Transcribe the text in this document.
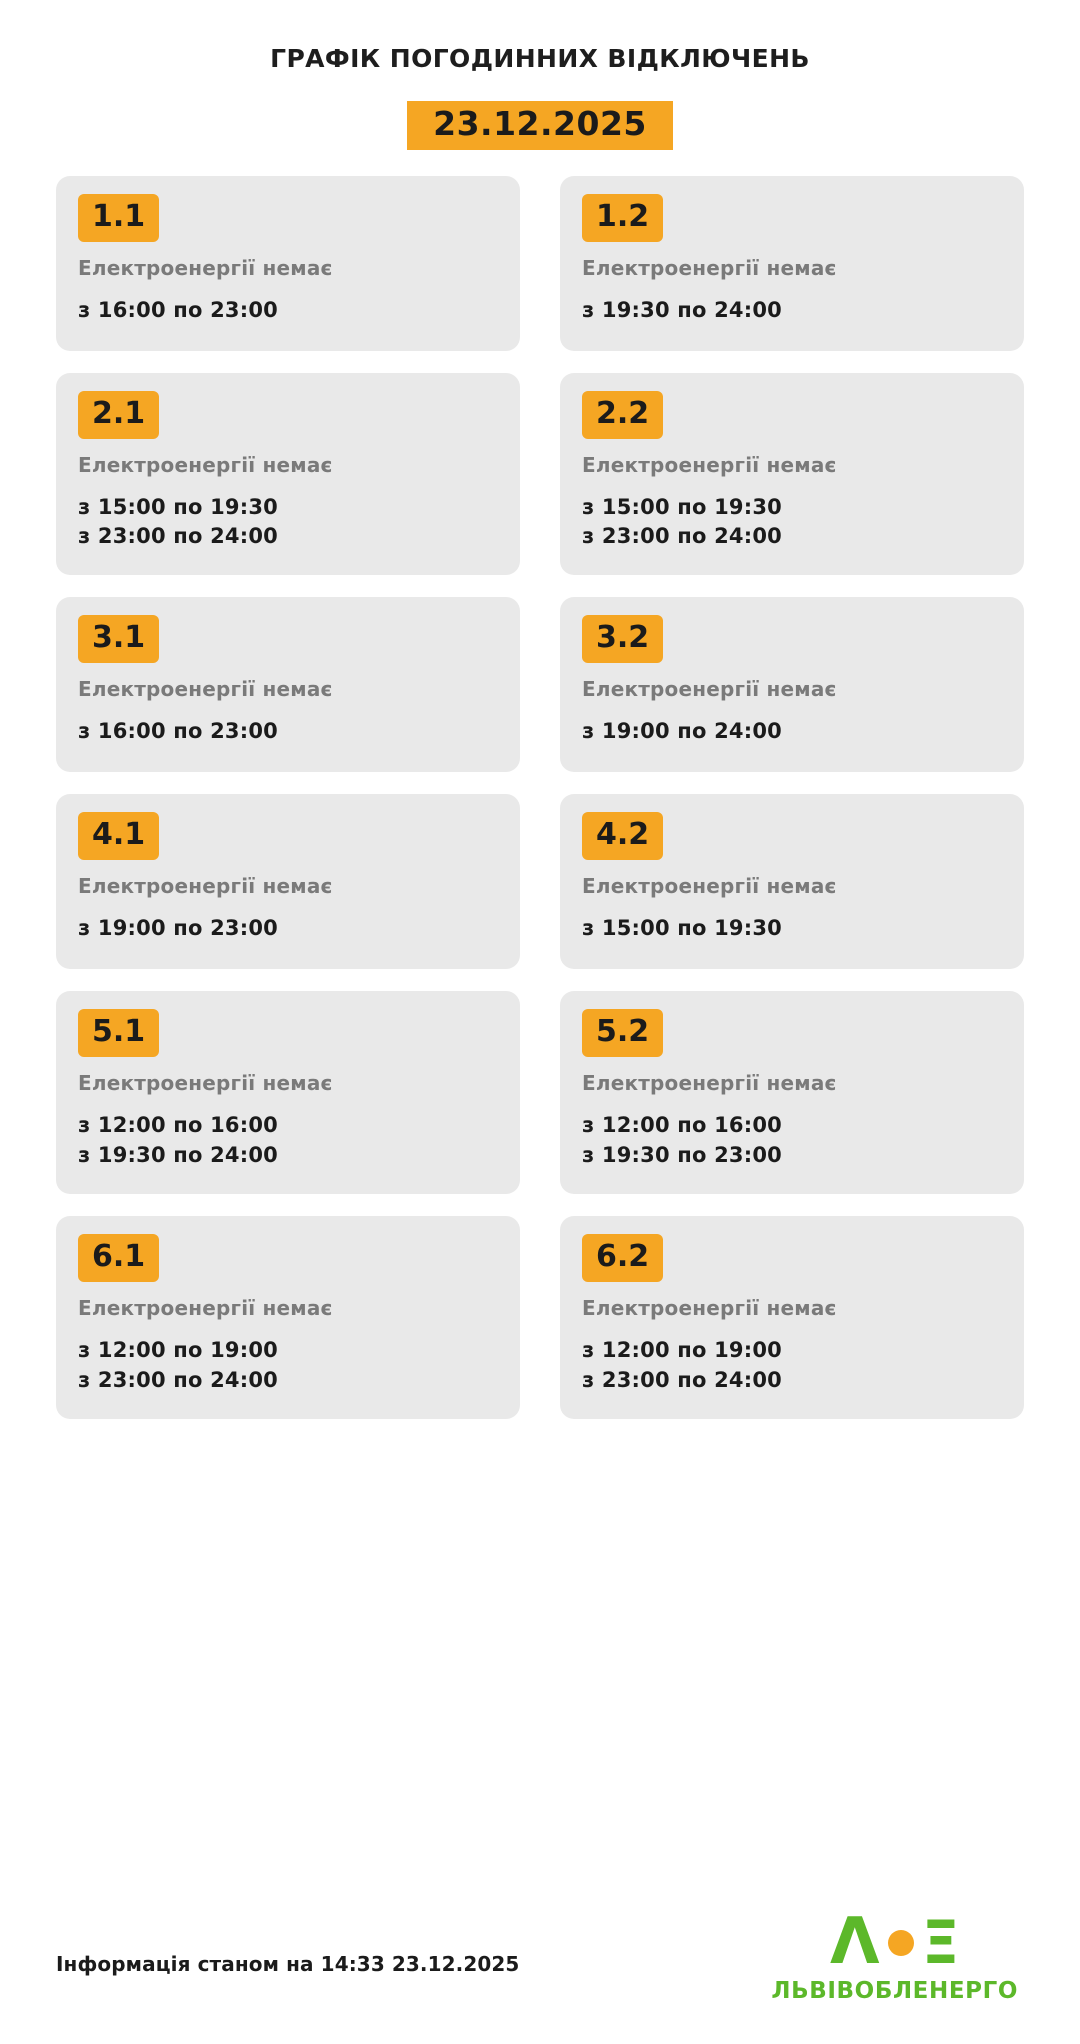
ГРАФІК ПОГОДИННИХ ВІДКЛЮЧЕНЬ
23.12.2025
1.1
Електроенергії немає
з 16:00 по 23:00
1.2
Електроенергії немає
з 19:30 по 24:00
2.1
Електроенергії немає
з 15:00 по 19:30
з 23:00 по 24:00
2.2
Електроенергії немає
з 15:00 по 19:30
з 23:00 по 24:00
3.1
Електроенергії немає
з 16:00 по 23:00
3.2
Електроенергії немає
з 19:00 по 24:00
4.1
Електроенергії немає
з 19:00 по 23:00
4.2
Електроенергії немає
з 15:00 по 19:30
5.1
Електроенергії немає
з 12:00 по 16:00
з 19:30 по 24:00
5.2
Електроенергії немає
з 12:00 по 16:00
з 19:30 по 23:00
6.1
Електроенергії немає
з 12:00 по 19:00
з 23:00 по 24:00
6.2
Електроенергії немає
з 12:00 по 19:00
з 23:00 по 24:00
Інформація станом на 14:33 23.12.2025	Λ Ξ
ЛЬВІВОБЛЕНЕРГО
